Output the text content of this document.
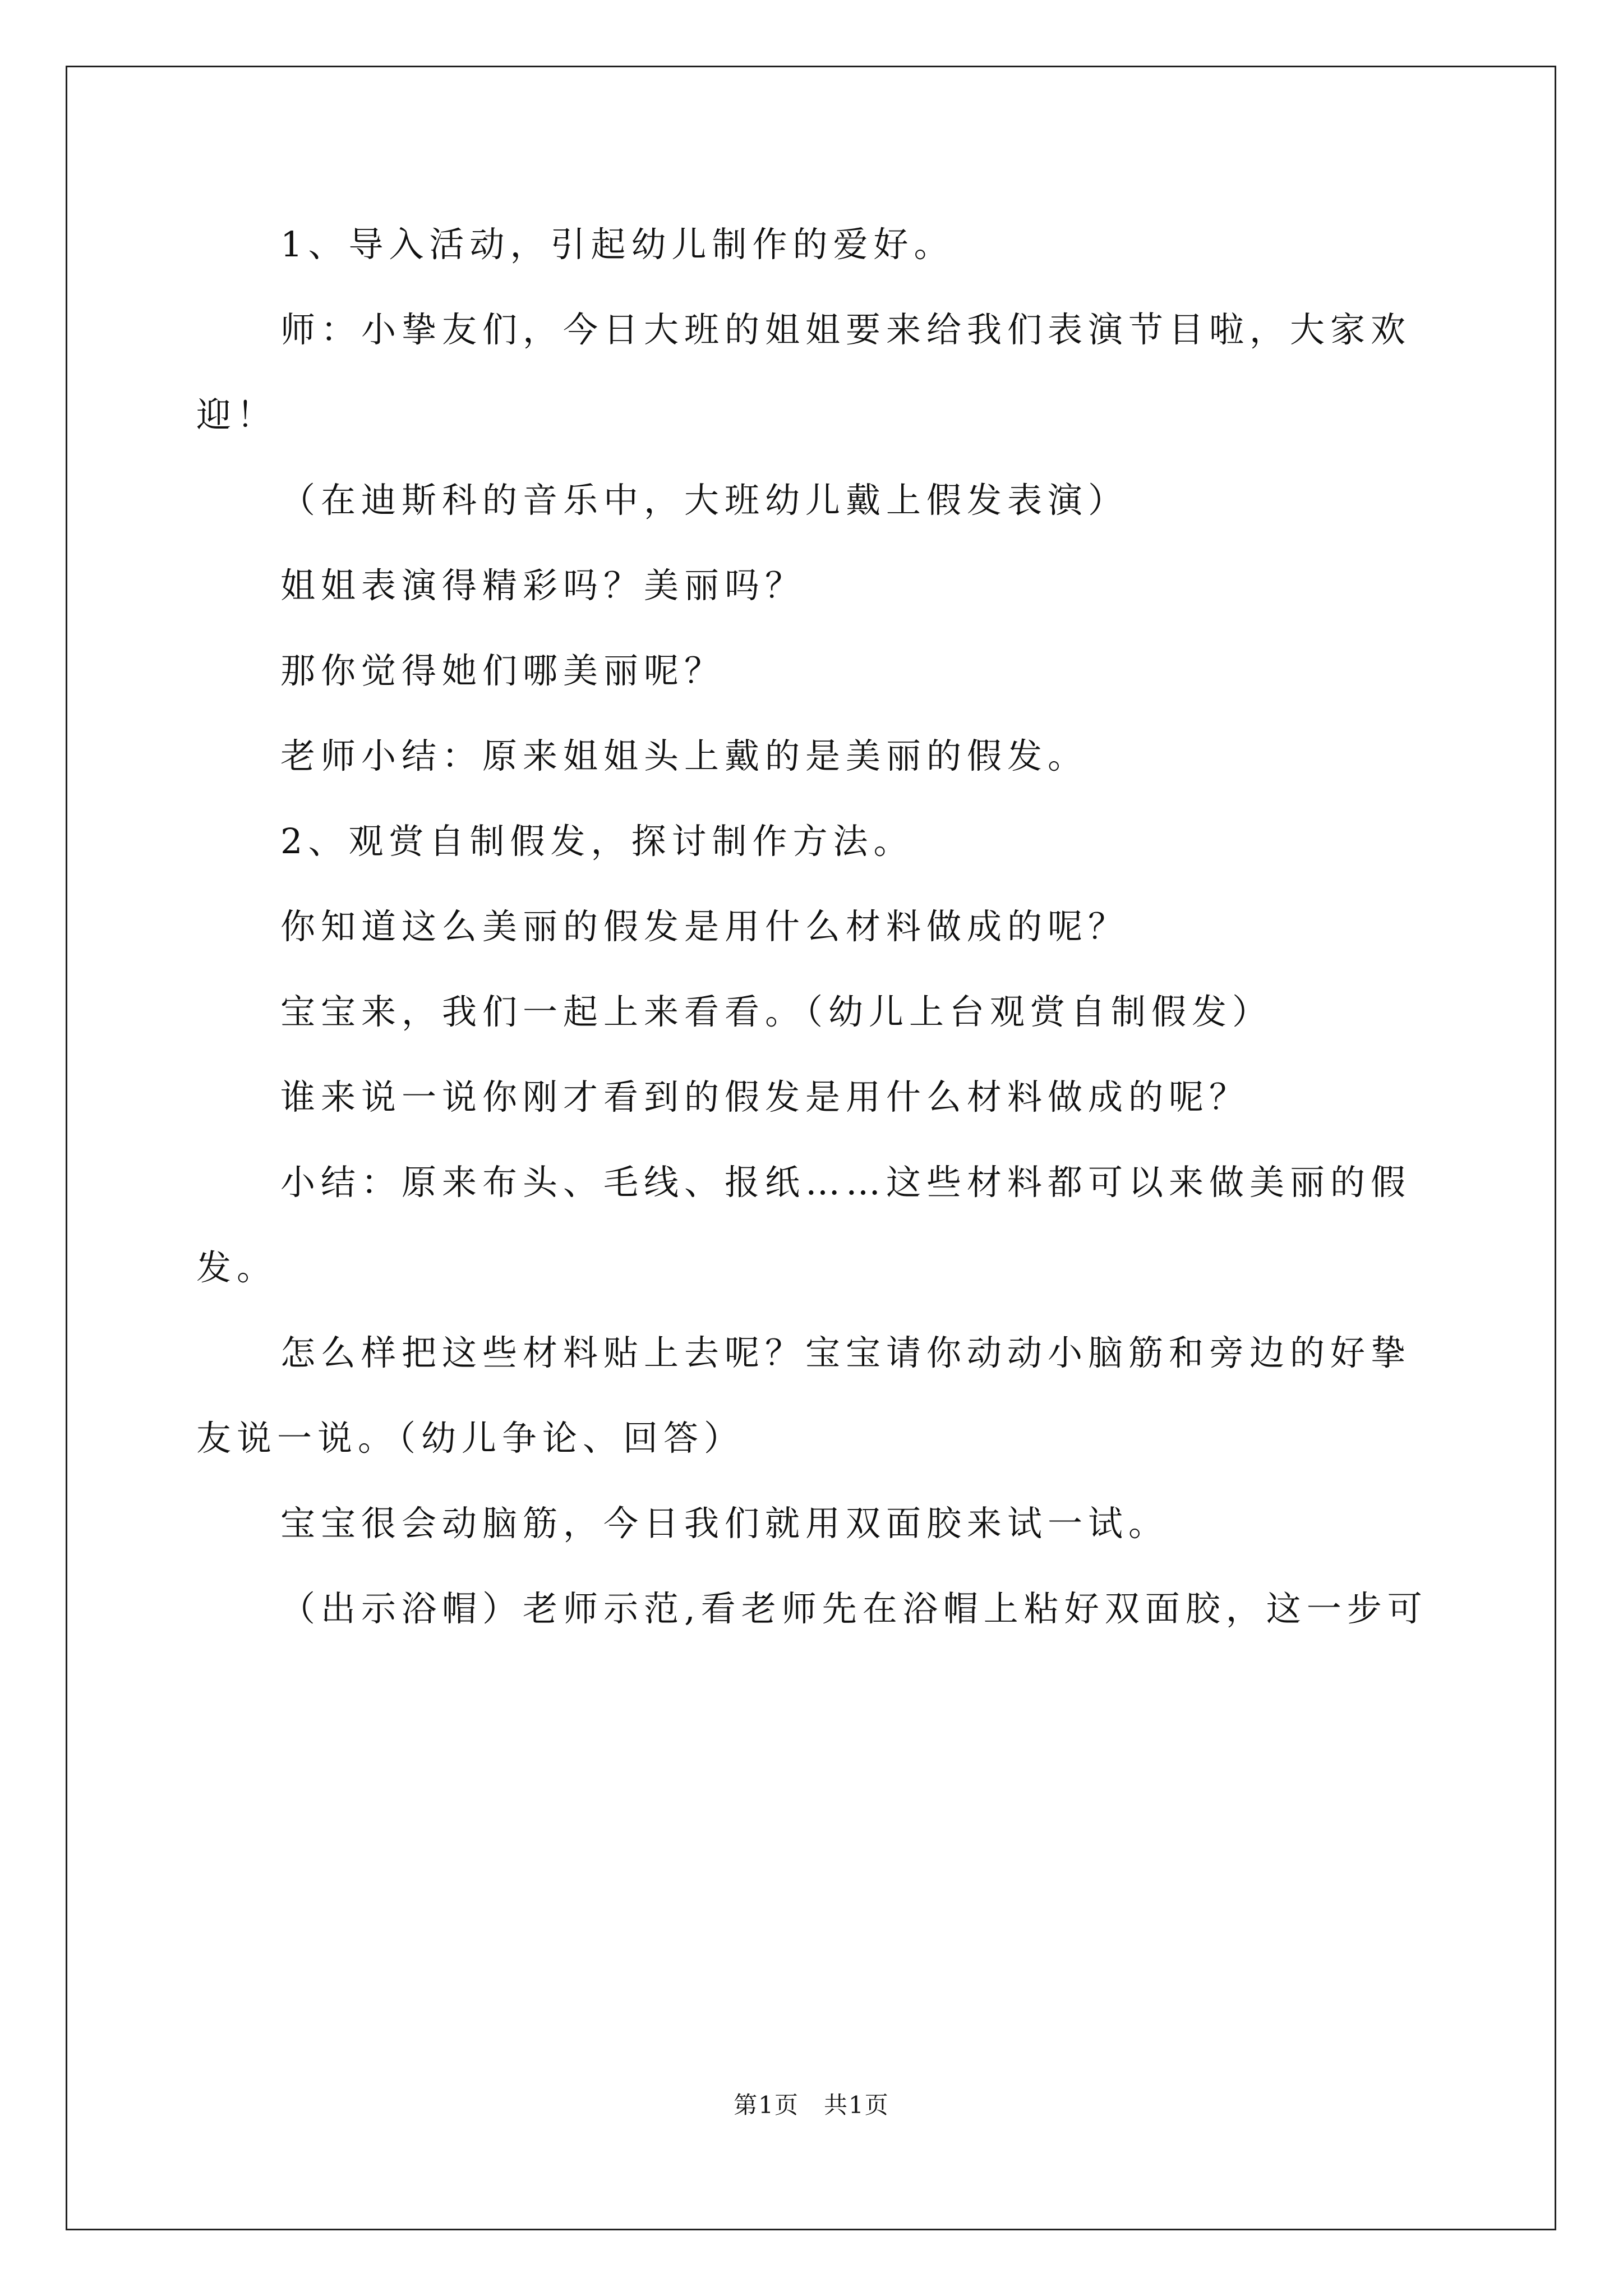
1、导入活动，引起幼儿制作的爱好。

师：小挚友们，今日大班的姐姐要来给我们表演节目啦，大家欢迎！

（在迪斯科的音乐中，大班幼儿戴上假发表演）

姐姐表演得精彩吗？美丽吗？

那你觉得她们哪美丽呢？

老师小结：原来姐姐头上戴的是美丽的假发。

2、观赏自制假发，探讨制作方法。

你知道这么美丽的假发是用什么材料做成的呢？

宝宝来，我们一起上来看看。（幼儿上台观赏自制假发）

谁来说一说你刚才看到的假发是用什么材料做成的呢？

小结：原来布头、毛线、报纸……这些材料都可以来做美丽的假发。

怎么样把这些材料贴上去呢？宝宝请你动动小脑筋和旁边的好挚友说一说。（幼儿争论、回答）

宝宝很会动脑筋，今日我们就用双面胶来试一试。

（出示浴帽）老师示范,看老师先在浴帽上粘好双面胶，这一步可

第1页 共1页
